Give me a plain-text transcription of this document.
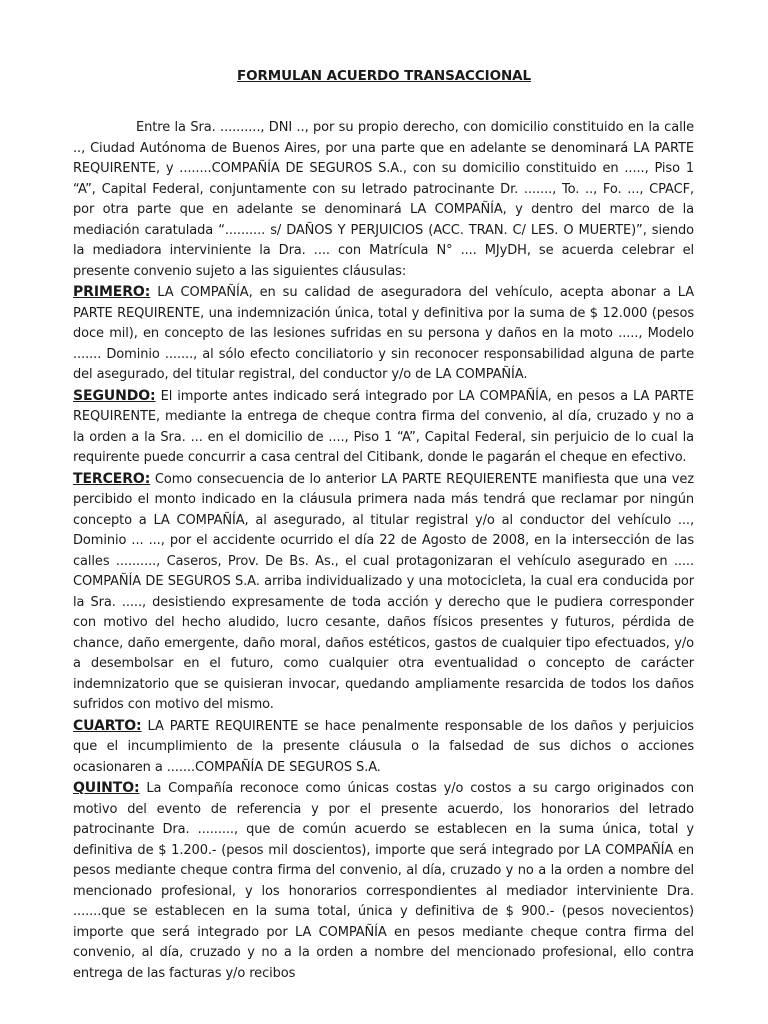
FORMULAN ACUERDO TRANSACCIONAL

Entre la Sra. .........., DNI .., por su propio derecho, con domicilio constituido en la calle .., Ciudad Autónoma de Buenos Aires, por una parte que en adelante se denominará LA PARTE REQUIRENTE, y ........COMPAÑÍA DE SEGUROS S.A., con su domicilio constituido en ....., Piso 1 “A”, Capital Federal, conjuntamente con su letrado patrocinante Dr. ......., To. .., Fo. ..., CPACF, por otra parte que en adelante se denominará LA COMPAÑÍA, y dentro del marco de la mediación caratulada “.......... s/ DAÑOS Y PERJUICIOS (ACC. TRAN. C/ LES. O MUERTE)”, siendo la mediadora interviniente la Dra. .... con Matrícula N° .... MJyDH, se acuerda celebrar el presente convenio sujeto a las siguientes cláusulas:

PRIMERO: LA COMPAÑÍA, en su calidad de aseguradora del vehículo, acepta abonar a LA PARTE REQUIRENTE, una indemnización única, total y definitiva por la suma de $ 12.000 (pesos doce mil), en concepto de las lesiones sufridas en su persona y daños en la moto ....., Modelo ....... Dominio ......., al sólo efecto conciliatorio y sin reconocer responsabilidad alguna de parte del asegurado, del titular registral, del conductor y/o de LA COMPAÑÍA.

SEGUNDO: El importe antes indicado será integrado por LA COMPAÑÍA, en pesos a LA PARTE REQUIRENTE, mediante la entrega de cheque contra firma del convenio, al día, cruzado y no a la orden a la Sra. ... en el domicilio de ...., Piso 1 “A”, Capital Federal, sin perjuicio de lo cual la requirente puede concurrir a casa central del Citibank, donde le pagarán el cheque en efectivo.

TERCERO: Como consecuencia de lo anterior LA PARTE REQUIERENTE manifiesta que una vez percibido el monto indicado en la cláusula primera nada más tendrá que reclamar por ningún concepto a LA COMPAÑÍA, al asegurado, al titular registral y/o al conductor del vehículo ..., Dominio ... ..., por el accidente ocurrido el día 22 de Agosto de 2008, en la intersección de las calles .........., Caseros, Prov. De Bs. As., el cual protagonizaran el vehículo asegurado en ..... COMPAÑÍA DE SEGUROS S.A. arriba individualizado y una motocicleta, la cual era conducida por la Sra. ....., desistiendo expresamente de toda acción y derecho que le pudiera corresponder con motivo del hecho aludido, lucro cesante, daños físicos presentes y futuros, pérdida de chance, daño emergente, daño moral, daños estéticos, gastos de cualquier tipo efectuados, y/o a desembolsar en el futuro, como cualquier otra eventualidad o concepto de carácter indemnizatorio que se quisieran invocar, quedando ampliamente resarcida de todos los daños sufridos con motivo del mismo.

CUARTO: LA PARTE REQUIRENTE se hace penalmente responsable de los daños y perjuicios que el incumplimiento de la presente cláusula o la falsedad de sus dichos o acciones ocasionaren a .......COMPAÑÍA DE SEGUROS S.A.

QUINTO: La Compañía reconoce como únicas costas y/o costos a su cargo originados con motivo del evento de referencia y por el presente acuerdo, los honorarios del letrado patrocinante Dra. ........., que de común acuerdo se establecen en la suma única, total y definitiva de $ 1.200.- (pesos mil doscientos), importe que será integrado por LA COMPAÑÍA en pesos mediante cheque contra firma del convenio, al día, cruzado y no a la orden a nombre del mencionado profesional, y los honorarios correspondientes al mediador interviniente Dra. .......que se establecen en la suma total, única y definitiva de $ 900.- (pesos novecientos) importe que será integrado por LA COMPAÑÍA en pesos mediante cheque contra firma del convenio, al día, cruzado y no a la orden a nombre del mencionado profesional, ello contra entrega de las facturas y/o recibos
